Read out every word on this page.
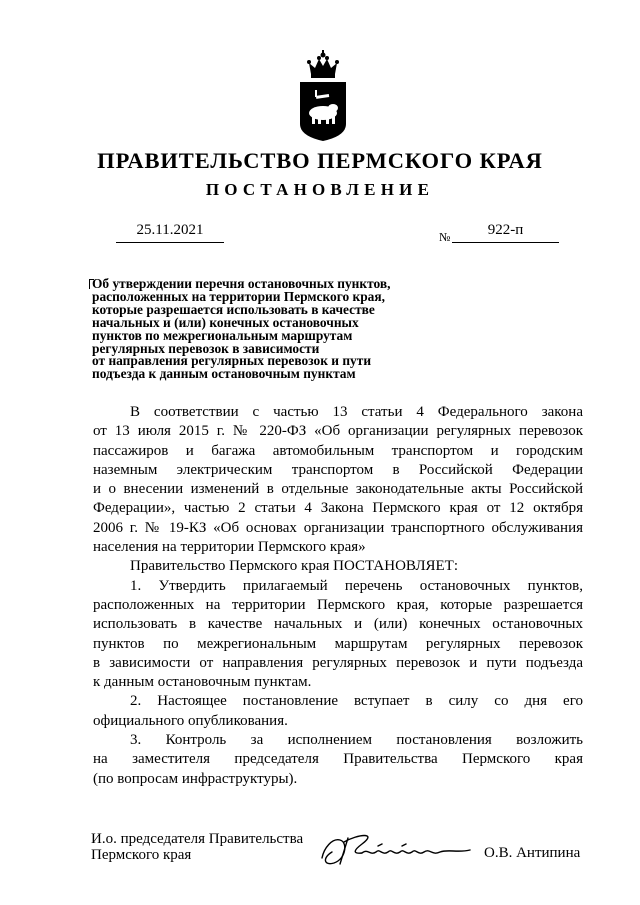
ПРАВИТЕЛЬСТВО ПЕРМСКОГО КРАЯ
ПОСТАНОВЛЕНИЕ
25.11.2021	№	922-п
Об утверждении перечня остановочных пунктов,
расположенных на территории Пермского края,
которые разрешается использовать в качестве
начальных и (или) конечных остановочных
пунктов по межрегиональным маршрутам
регулярных перевозок в зависимости
от направления регулярных перевозок и пути
подъезда к данным остановочным пунктам

В соответствии с частью 13 статьи 4 Федерального закона

от 13 июля 2015 г. № 220-ФЗ «Об организации регулярных перевозок

пассажиров и багажа автомобильным транспортом и городским

наземным электрическим транспортом в Российской Федерации

и о внесении изменений в отдельные законодательные акты Российской

Федерации», частью 2 статьи 4 Закона Пермского края от 12 октября

2006 г. № 19-КЗ «Об основах организации транспортного обслуживания

населения на территории Пермского края»

Правительство Пермского края ПОСТАНОВЛЯЕТ:

1. Утвердить прилагаемый перечень остановочных пунктов,

расположенных на территории Пермского края, которые разрешается

использовать в качестве начальных и (или) конечных остановочных

пунктов по межрегиональным маршрутам регулярных перевозок

в зависимости от направления регулярных перевозок и пути подъезда

к данным остановочным пунктам.

2. Настоящее постановление вступает в силу со дня его

официального опубликования.

3. Контроль за исполнением постановления возложить

на заместителя председателя Правительства Пермского края

(по вопросам инфраструктуры).

И.о. председателя Правительства
Пермского края	О.В. Антипина
